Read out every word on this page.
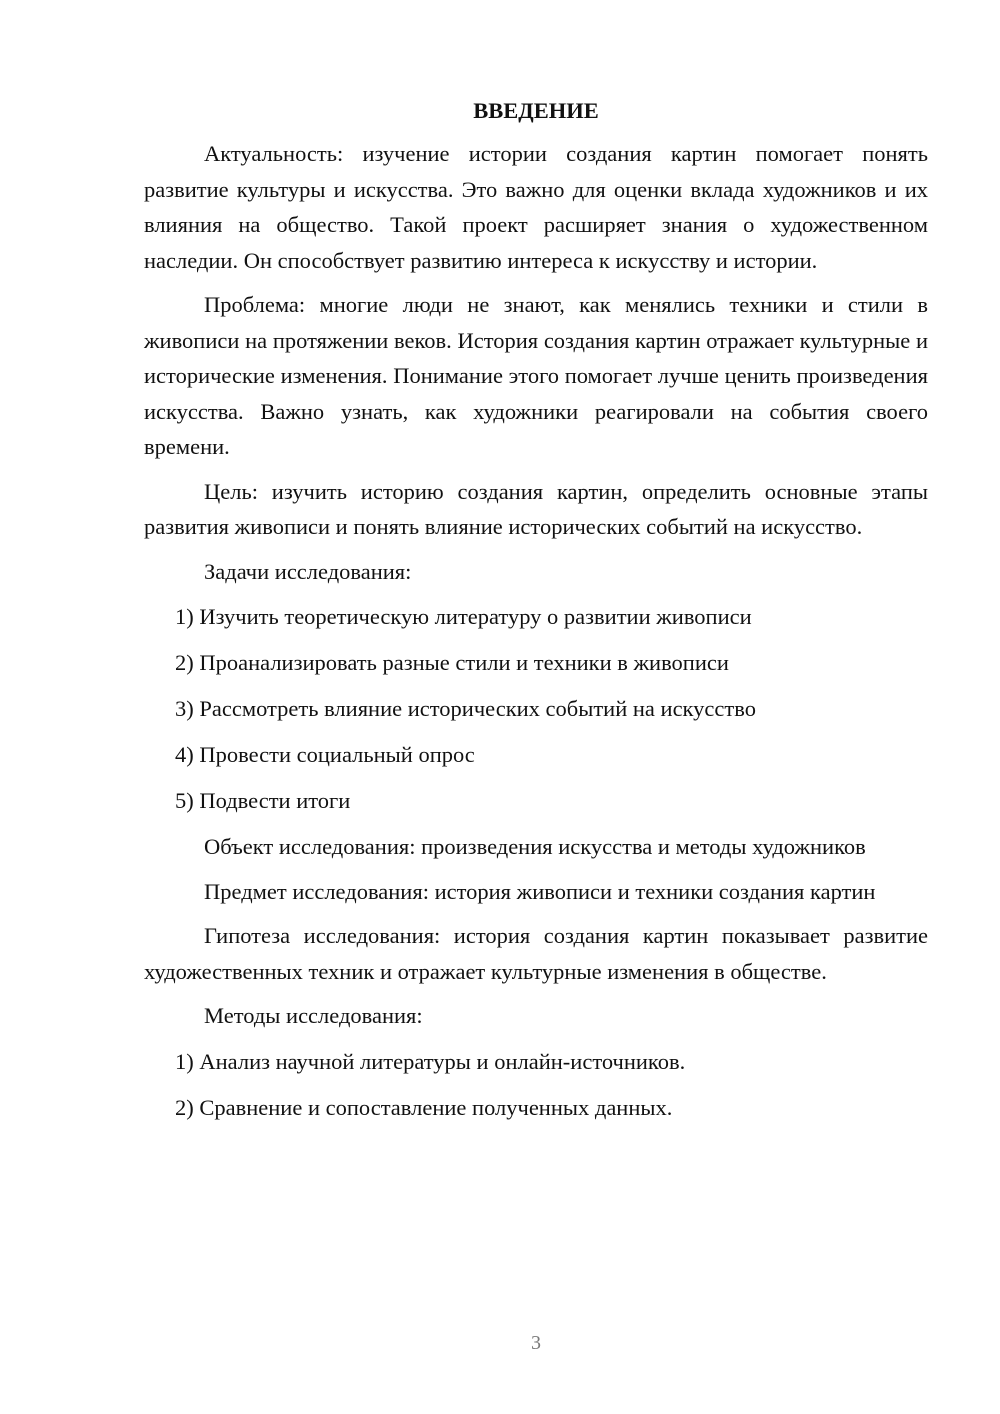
ВВЕДЕНИЕ

Актуальность: изучение истории создания картин помогает понять развитие культуры и искусства. Это важно для оценки вклада художников и их влияния на общество. Такой проект расширяет знания о художественном наследии. Он способствует развитию интереса к искусству и истории.

Проблема: многие люди не знают, как менялись техники и стили в живописи на протяжении веков. История создания картин отражает культурные и исторические изменения. Понимание этого помогает лучше ценить произведения искусства. Важно узнать, как художники реагировали на события своего времени.

Цель: изучить историю создания картин, определить основные этапы развития живописи и понять влияние исторических событий на искусство.

Задачи исследования:

1) Изучить теоретическую литературу о развитии живописи
2) Проанализировать разные стили и техники в живописи
3) Рассмотреть влияние исторических событий на искусство
4) Провести социальный опрос
5) Подвести итоги

Объект исследования: произведения искусства и методы художников

Предмет исследования: история живописи и техники создания картин

Гипотеза исследования: история создания картин показывает развитие художественных техник и отражает культурные изменения в обществе.

Методы исследования:

1) Анализ научной литературы и онлайн-источников.
2) Сравнение и сопоставление полученных данных.
3
